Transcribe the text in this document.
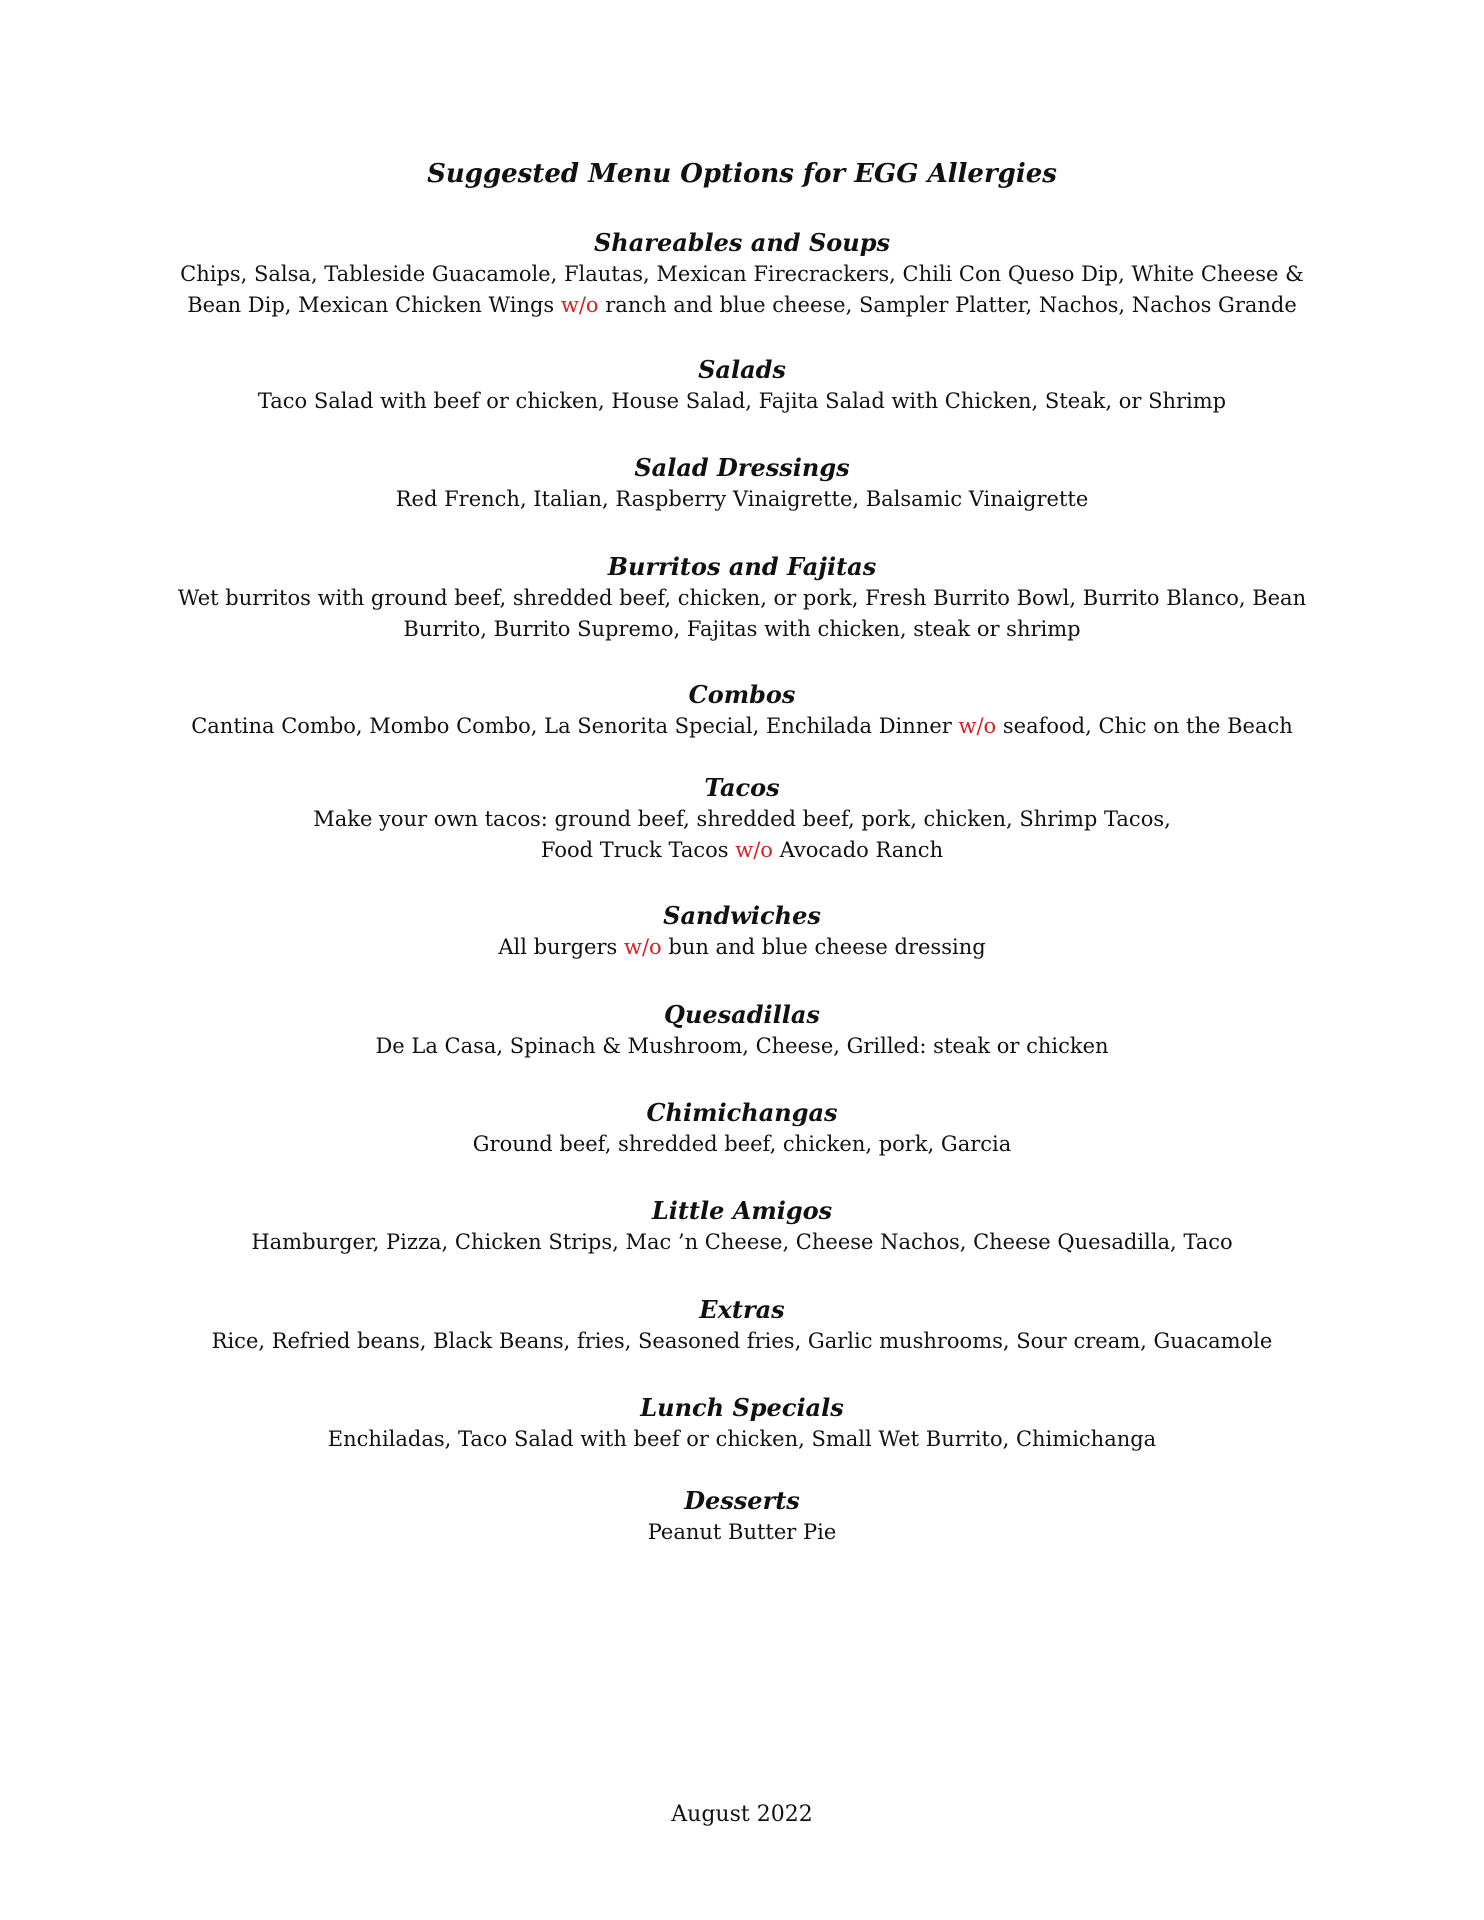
Suggested Menu Options for EGG Allergies
Shareables and Soups
Chips, Salsa, Tableside Guacamole, Flautas, Mexican Firecrackers, Chili Con Queso Dip, White Cheese &
Bean Dip, Mexican Chicken Wings w/o ranch and blue cheese, Sampler Platter, Nachos, Nachos Grande
Salads
Taco Salad with beef or chicken, House Salad, Fajita Salad with Chicken, Steak, or Shrimp
Salad Dressings
Red French, Italian, Raspberry Vinaigrette, Balsamic Vinaigrette
Burritos and Fajitas
Wet burritos with ground beef, shredded beef, chicken, or pork, Fresh Burrito Bowl, Burrito Blanco, Bean
Burrito, Burrito Supremo, Fajitas with chicken, steak or shrimp
Combos
Cantina Combo, Mombo Combo, La Senorita Special, Enchilada Dinner w/o seafood, Chic on the Beach
Tacos
Make your own tacos: ground beef, shredded beef, pork, chicken, Shrimp Tacos,
Food Truck Tacos w/o Avocado Ranch
Sandwiches
All burgers w/o bun and blue cheese dressing
Quesadillas
De La Casa, Spinach & Mushroom, Cheese, Grilled: steak or chicken
Chimichangas
Ground beef, shredded beef, chicken, pork, Garcia
Little Amigos
Hamburger, Pizza, Chicken Strips, Mac ’n Cheese, Cheese Nachos, Cheese Quesadilla, Taco
Extras
Rice, Refried beans, Black Beans, fries, Seasoned fries, Garlic mushrooms, Sour cream, Guacamole
Lunch Specials
Enchiladas, Taco Salad with beef or chicken, Small Wet Burrito, Chimichanga
Desserts
Peanut Butter Pie
August 2022
